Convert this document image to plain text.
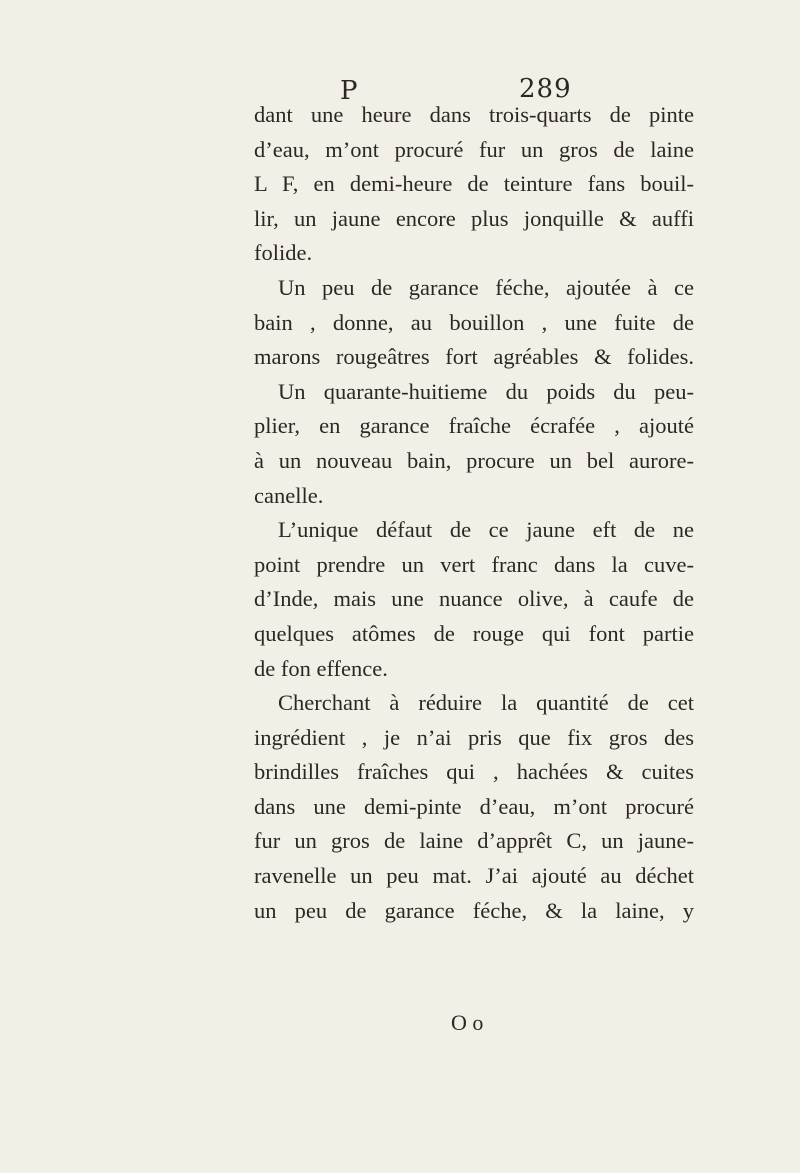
P	289
dant une heure dans trois-quarts de pinte
d’eau, m’ont procuré fur un gros de laine
L F, en demi-heure de teinture fans bouil-
lir, un jaune encore plus jonquille & auffi
folide.
Un peu de garance féche, ajoutée à ce
bain , donne, au bouillon , une fuite de
marons rougeâtres fort agréables & folides.
Un quarante-huitieme du poids du peu-
plier, en garance fraîche écrafée , ajouté
à un nouveau bain, procure un bel aurore-
canelle.
L’unique défaut de ce jaune eft de ne
point prendre un vert franc dans la cuve-
d’Inde, mais une nuance olive, à caufe de
quelques atômes de rouge qui font partie
de fon effence.
Cherchant à réduire la quantité de cet
ingrédient , je n’ai pris que fix gros des
brindilles fraîches qui , hachées & cuites
dans une demi-pinte d’eau, m’ont procuré
fur un gros de laine d’apprêt C, un jaune-
ravenelle un peu mat. J’ai ajouté au déchet
un peu de garance féche, & la laine, y
O o
